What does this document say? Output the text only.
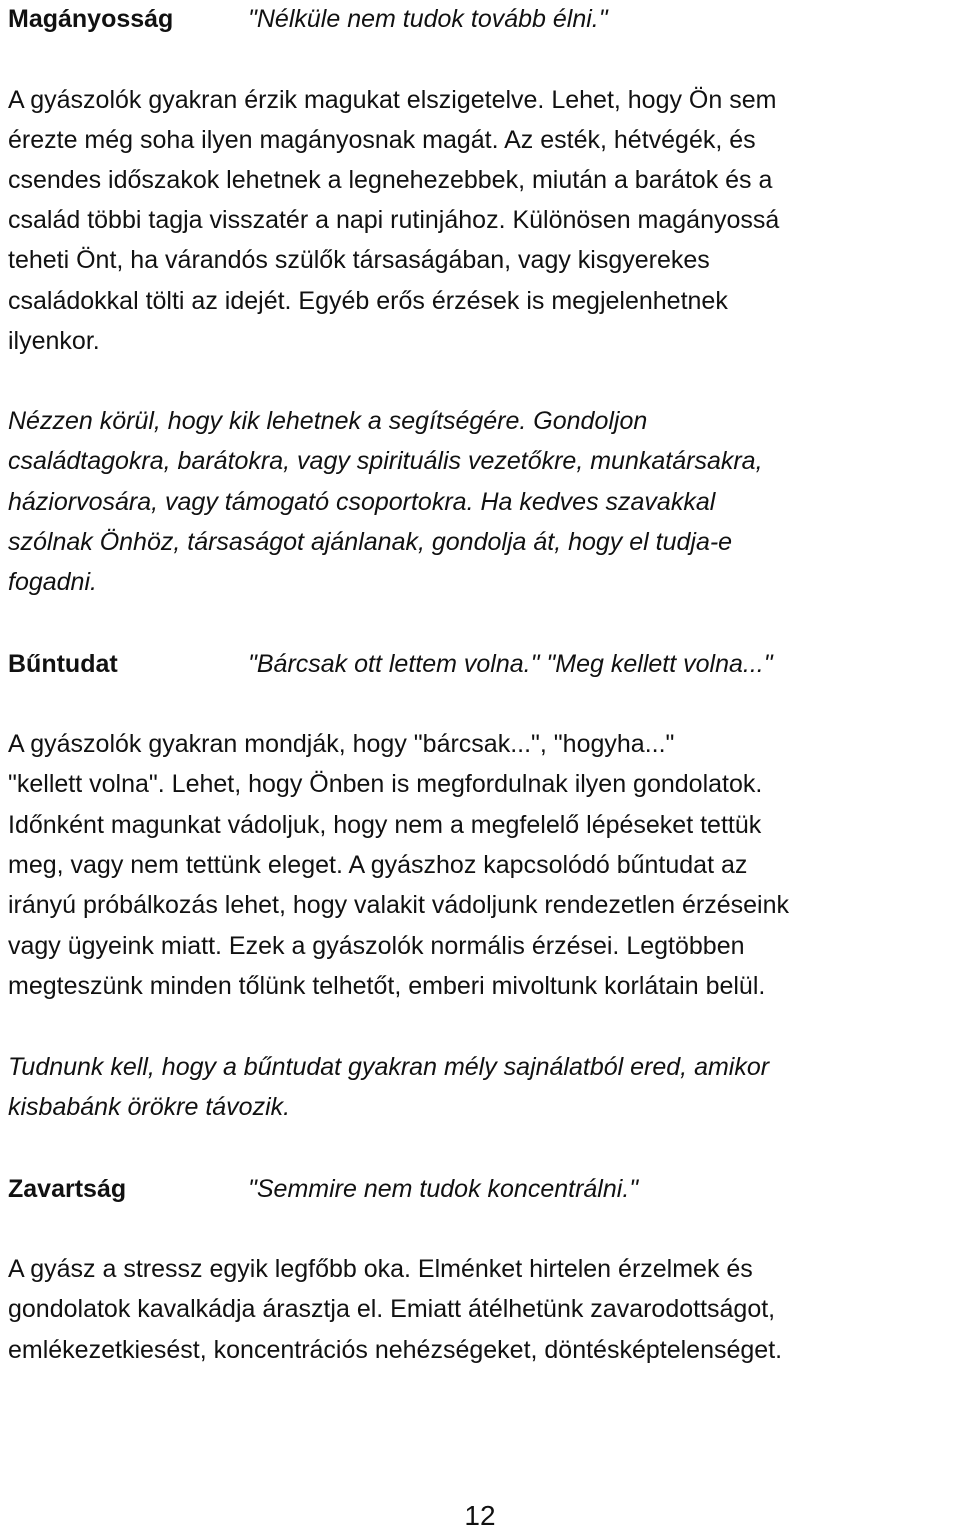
Magányosság	"Nélküle nem tudok tovább élni."
A gyászolók gyakran érzik magukat elszigetelve. Lehet, hogy Ön sem
érezte még soha ilyen magányosnak magát. Az esték, hétvégék, és
csendes időszakok lehetnek a legnehezebbek, miután a barátok és a
család többi tagja visszatér a napi rutinjához. Különösen magányossá
teheti Önt, ha várandós szülők társaságában, vagy kisgyerekes
családokkal tölti az idejét. Egyéb erős érzések is megjelenhetnek
ilyenkor.
Nézzen körül, hogy kik lehetnek a segítségére. Gondoljon
családtagokra, barátokra, vagy spirituális vezetőkre, munkatársakra,
háziorvosára, vagy támogató csoportokra. Ha kedves szavakkal
szólnak Önhöz, társaságot ajánlanak, gondolja át, hogy el tudja-e
fogadni.
Bűntudat	"Bárcsak ott lettem volna." "Meg kellett volna..."
A gyászolók gyakran mondják, hogy "bárcsak...", "hogyha..."
"kellett volna". Lehet, hogy Önben is megfordulnak ilyen gondolatok.
Időnként magunkat vádoljuk, hogy nem a megfelelő lépéseket tettük
meg, vagy nem tettünk eleget. A gyászhoz kapcsolódó bűntudat az
irányú próbálkozás lehet, hogy valakit vádoljunk rendezetlen érzéseink
vagy ügyeink miatt. Ezek a gyászolók normális érzései. Legtöbben
megteszünk minden tőlünk telhetőt, emberi mivoltunk korlátain belül.
Tudnunk kell, hogy a bűntudat gyakran mély sajnálatból ered, amikor
kisbabánk örökre távozik.
Zavartság	"Semmire nem tudok koncentrálni."
A gyász a stressz egyik legfőbb oka. Elménket hirtelen érzelmek és
gondolatok kavalkádja árasztja el. Emiatt átélhetünk zavarodottságot,
emlékezetkiesést, koncentrációs nehézségeket, döntésképtelenséget.
12
